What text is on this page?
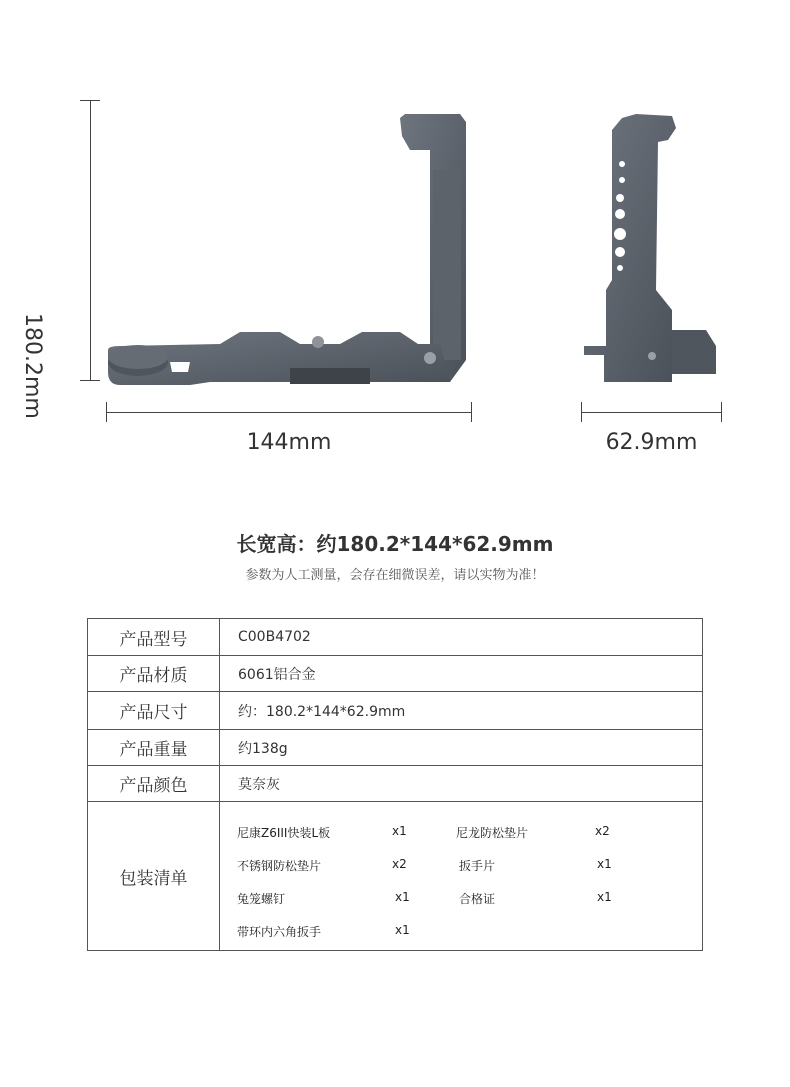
180.2mm
144mm	62.9mm
长宽高：约180.2*144*62.9mm
参数为人工测量，会存在细微误差，请以实物为准！
产品型号	C00B4702
产品材质	6061铝合金
产品尺寸	约：180.2*144*62.9mm
产品重量	约138g
产品颜色	莫奈灰
包装清单
尼康Z6III快装L板	x1	尼龙防松垫片	x2
不锈钢防松垫片	x2	扳手片	x1
兔笼螺钉	x1	合格证	x1
带环内六角扳手	x1
